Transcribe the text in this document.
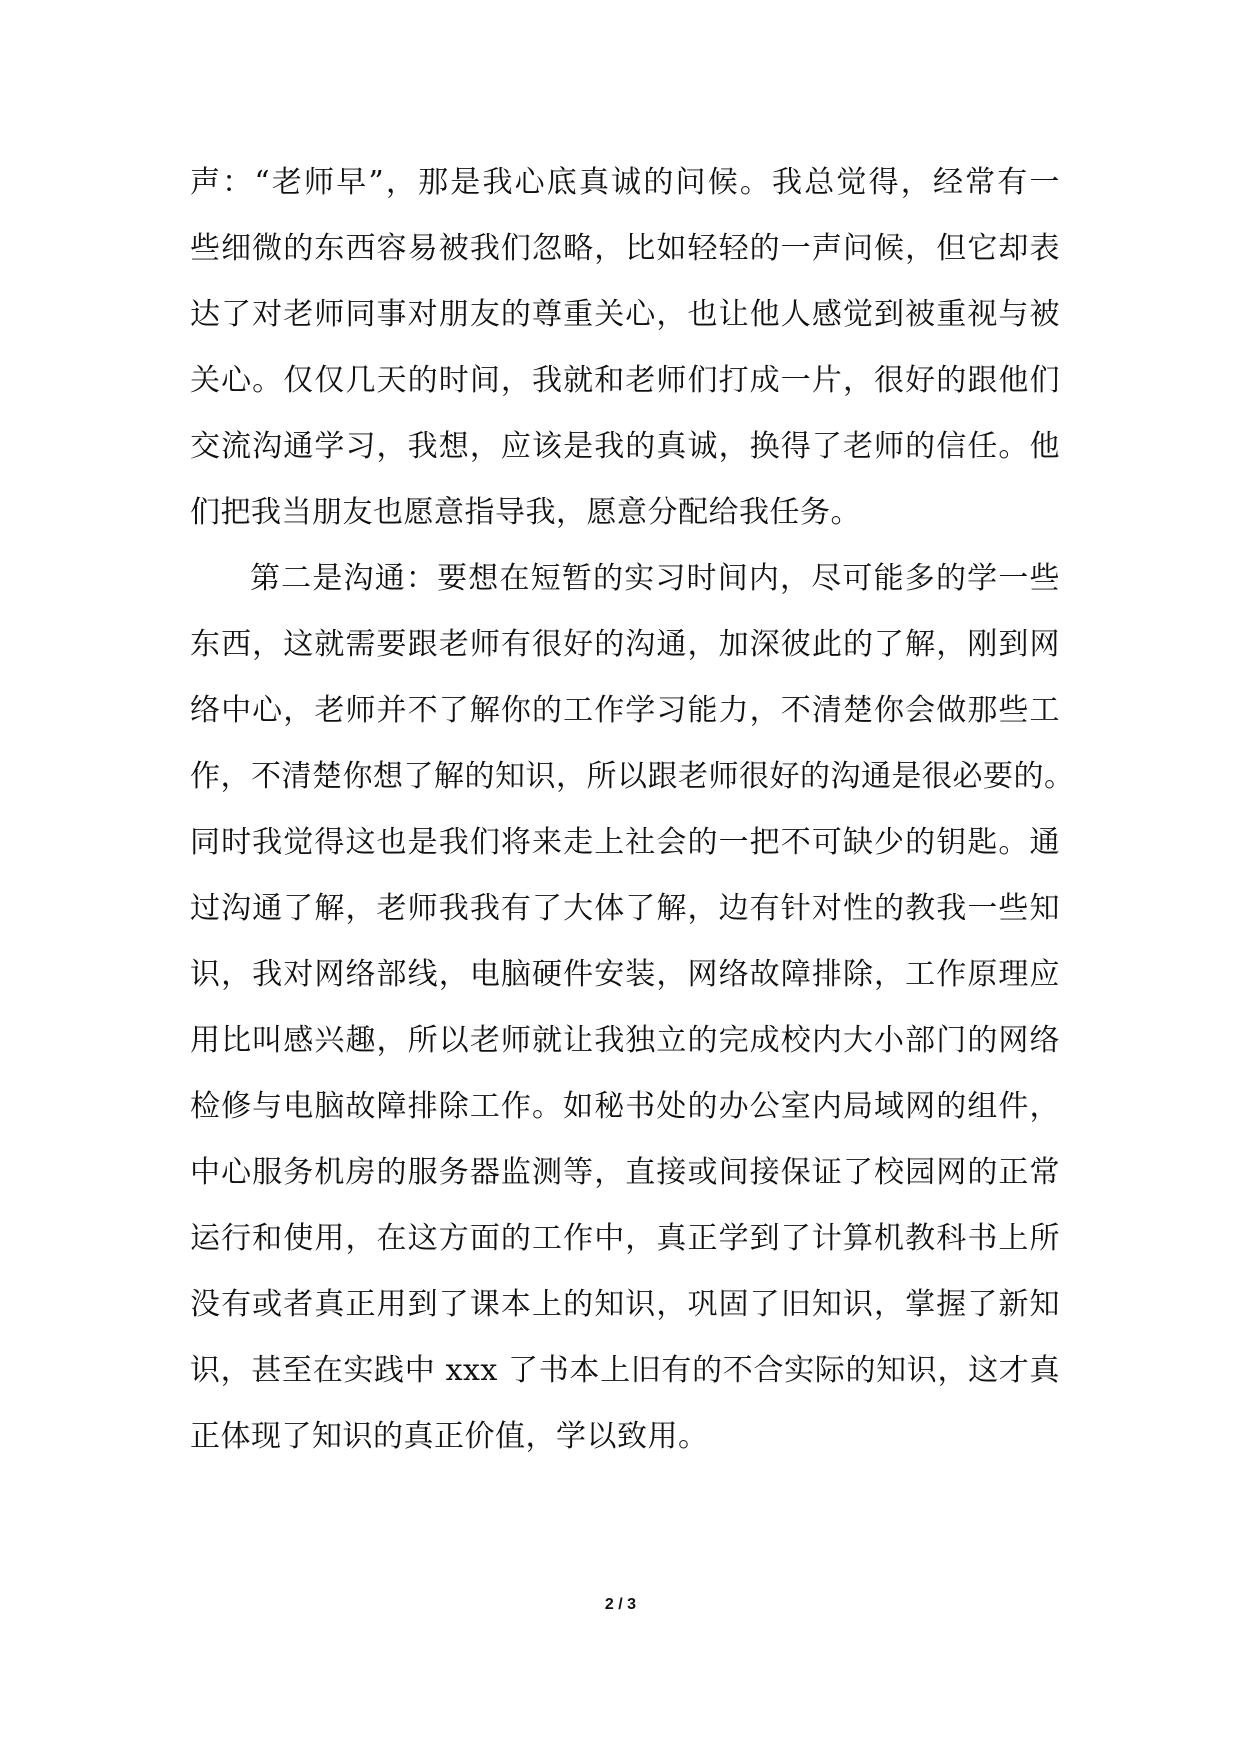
声：“老师早”，那是我心底真诚的问候。我总觉得，经常有一
些细微的东西容易被我们忽略，比如轻轻的一声问候，但它却表
达了对老师同事对朋友的尊重关心，也让他人感觉到被重视与被
关心。仅仅几天的时间，我就和老师们打成一片，很好的跟他们
交流沟通学习，我想，应该是我的真诚，换得了老师的信任。他
们把我当朋友也愿意指导我，愿意分配给我任务。
第二是沟通：要想在短暂的实习时间内，尽可能多的学一些
东西，这就需要跟老师有很好的沟通，加深彼此的了解，刚到网
络中心，老师并不了解你的工作学习能力，不清楚你会做那些工
作，不清楚你想了解的知识，所以跟老师很好的沟通是很必要的。
同时我觉得这也是我们将来走上社会的一把不可缺少的钥匙。通
过沟通了解，老师我我有了大体了解，边有针对性的教我一些知
识，我对网络部线，电脑硬件安装，网络故障排除，工作原理应
用比叫感兴趣，所以老师就让我独立的完成校内大小部门的网络
检修与电脑故障排除工作。如秘书处的办公室内局域网的组件，
中心服务机房的服务器监测等，直接或间接保证了校园网的正常
运行和使用，在这方面的工作中，真正学到了计算机教科书上所
没有或者真正用到了课本上的知识，巩固了旧知识，掌握了新知
识，甚至在实践中 xxx 了书本上旧有的不合实际的知识，这才真
正体现了知识的真正价值，学以致用。
2 / 3
